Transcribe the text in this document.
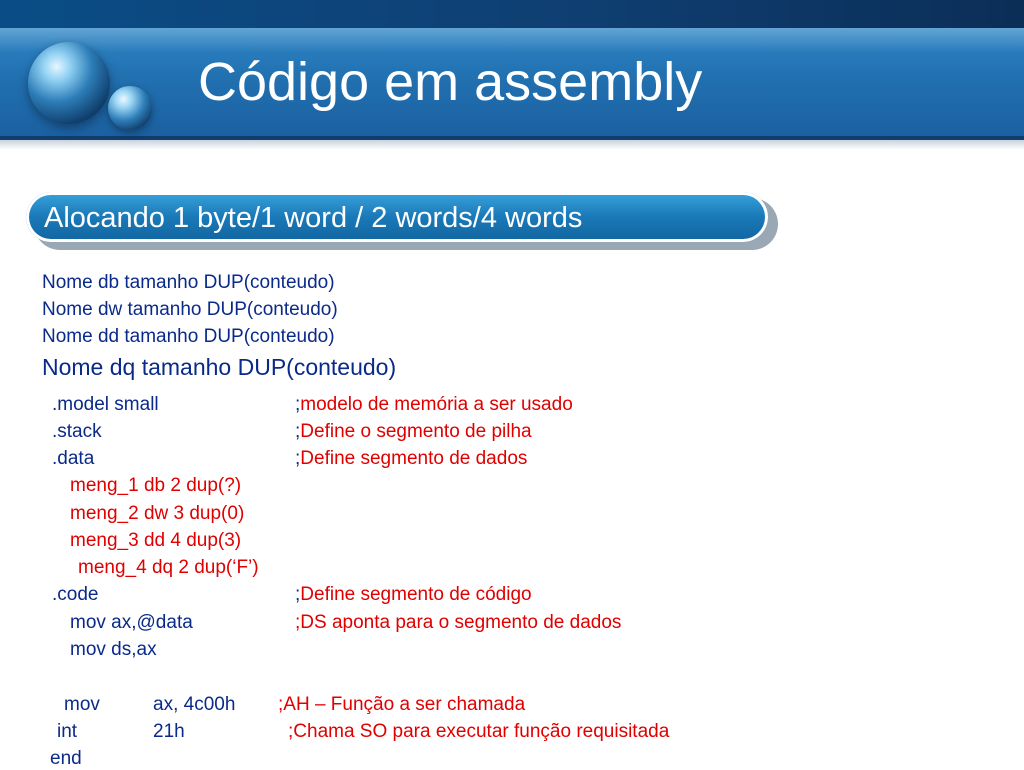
Código em assembly
Alocando 1 byte/1 word / 2 words/4 words
Nome db tamanho DUP(conteudo)
Nome dw tamanho DUP(conteudo)
Nome dd tamanho DUP(conteudo)
Nome dq tamanho DUP(conteudo)
.model small	;modelo de memória a ser usado
.stack	;Define o segmento de pilha
.data	;Define segmento de dados
meng_1 db 2 dup(?)
meng_2 dw 3 dup(0)
meng_3 dd 4 dup(3)
meng_4 dq 2 dup(‘F’)
.code	;Define segmento de código
mov ax,@data	;DS aponta para o segmento de dados
mov ds,ax
mov	ax, 4c00h ;AH – Função a ser chamada
int	21h	;Chama SO para executar função requisitada
end
